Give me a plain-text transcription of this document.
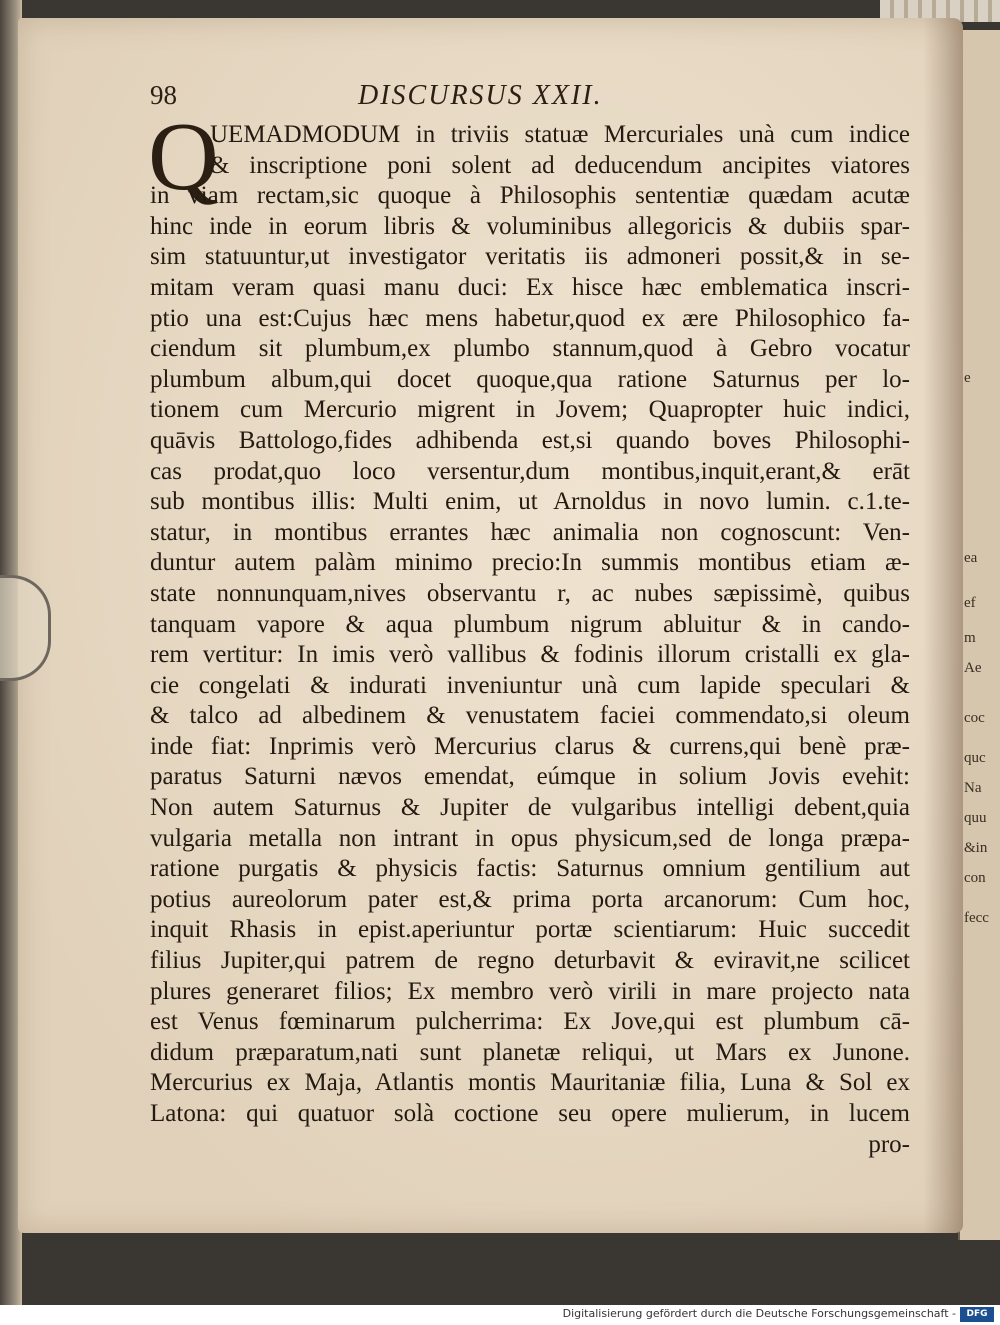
e
ea
ef
m
Ae
coc
quc
Na
quu
&in
con
fecc
98	DISCURSUS XXII.
Q
UEMADMODUM in triviis statuæ Mercuriales unà cum indice
& inscriptione poni solent ad deducendum ancipites viatores
in viam rectam,sic quoque à Philosophis sententiæ quædam acutæ
hinc inde in eorum libris & voluminibus allegoricis & dubiis spar-
sim statuuntur,ut investigator veritatis iis admoneri possit,& in se-
mitam veram quasi manu duci: Ex hisce hæc emblematica inscri-
ptio una est:Cujus hæc mens habetur,quod ex ære Philosophico fa-
ciendum sit plumbum,ex plumbo stannum,quod à Gebro vocatur
plumbum album,qui docet quoque,qua ratione Saturnus per lo-
tionem cum Mercurio migrent in Jovem; Quapropter huic indici,
quāvis Battologo,fides adhibenda est,si quando boves Philosophi-
cas prodat,quo loco versentur,dum montibus,inquit,erant,& erāt
sub montibus illis: Multi enim, ut Arnoldus in novo lumin. c.1.te-
statur, in montibus errantes hæc animalia non cognoscunt: Ven-
duntur autem palàm minimo precio:In summis montibus etiam æ-
state nonnunquam,nives observantu r, ac nubes sæpissimè, quibus
tanquam vapore & aqua plumbum nigrum abluitur & in cando-
rem vertitur: In imis verò vallibus & fodinis illorum cristalli ex gla-
cie congelati & indurati inveniuntur unà cum lapide speculari &
& talco ad albedinem & venustatem faciei commendato,si oleum
inde fiat: Inprimis verò Mercurius clarus & currens,qui benè præ-
paratus Saturni nævos emendat, eúmque in solium Jovis evehit:
Non autem Saturnus & Jupiter de vulgaribus intelligi debent,quia
vulgaria metalla non intrant in opus physicum,sed de longa præpa-
ratione purgatis & physicis factis: Saturnus omnium gentilium aut
potius aureolorum pater est,& prima porta arcanorum: Cum hoc,
inquit Rhasis in epist.aperiuntur portæ scientiarum: Huic succedit
filius Jupiter,qui patrem de regno deturbavit & eviravit,ne scilicet
plures generaret filios; Ex membro verò virili in mare projecto nata
est Venus fœminarum pulcherrima: Ex Jove,qui est plumbum cā-
didum præparatum,nati sunt planetæ reliqui, ut Mars ex Junone.
Mercurius ex Maja, Atlantis montis Mauritaniæ filia, Luna & Sol ex
Latona: qui quatuor solà coctione seu opere mulierum, in lucem
pro-
Digitalisierung gefördert durch die Deutsche Forschungsgemeinschaft -	DFG
